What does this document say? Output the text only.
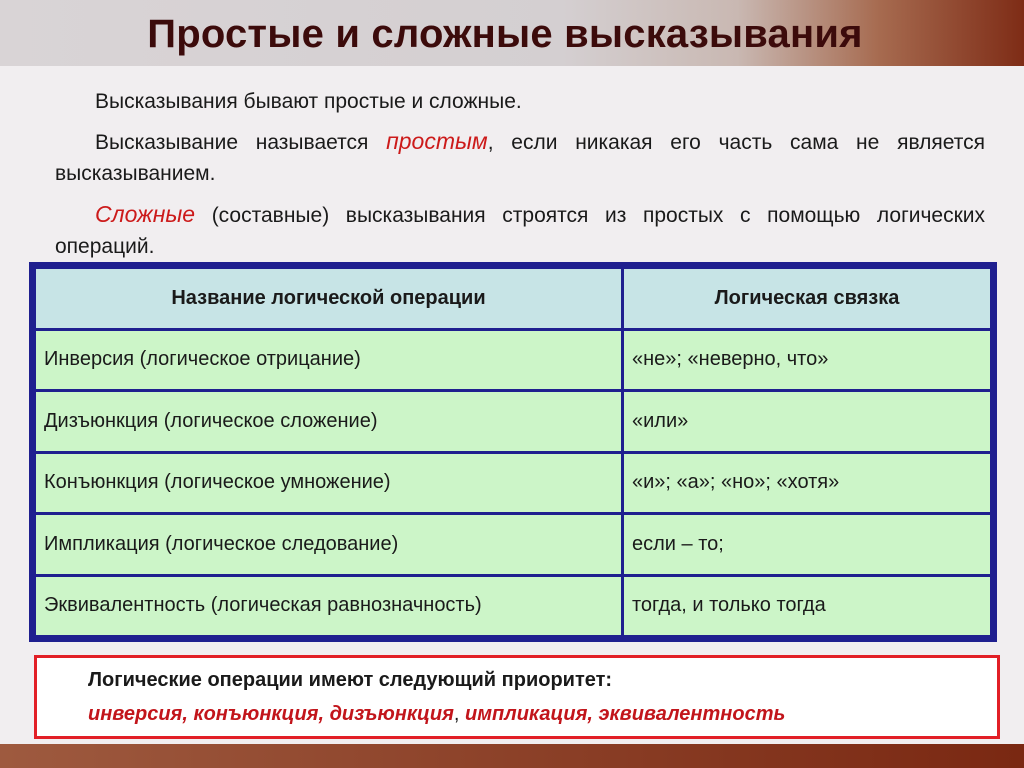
Простые и сложные высказывания

Высказывания бывают простые и сложные.

Высказывание называется простым, если никакая его часть сама не является высказыванием.

Сложные (составные) высказывания строятся из простых с помощью логических операций.

Название логической операции	Логическая связка
Инверсия (логическое отрицание)	«не»; «неверно, что»
Дизъюнкция (логическое сложение)	«или»
Конъюнкция (логическое умножение)	«и»; «а»; «но»; «хотя»
Импликация (логическое следование)	если – то;
Эквивалентность (логическая равнозначность)	тогда, и только тогда
Логические операции имеют следующий приоритет:
инверсия, конъюнкция, дизъюнкция, импликация, эквивалентность
